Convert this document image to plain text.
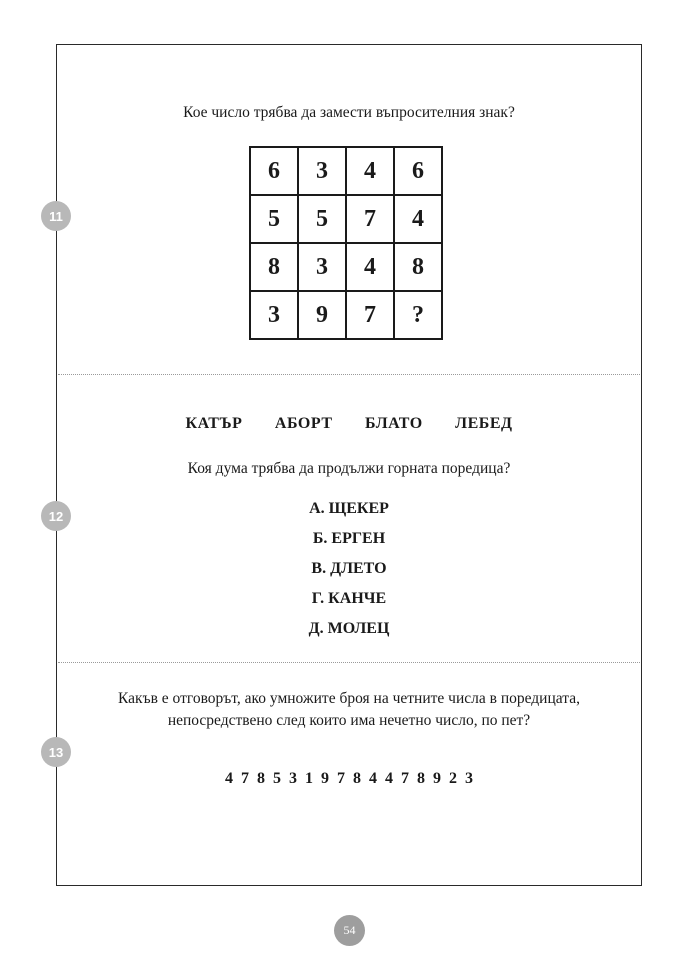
11
Кое число трябва да замести въпросителния знак?
6	3	4	6
5	5	7	4
8	3	4	8
3	9	7	?
12
КАТЪР АБОРТ БЛАТО ЛЕБЕД
Коя дума трябва да продължи горната поредица?
А. ЩЕКЕР
Б. ЕРГЕН
В. ДЛЕТО
Г. КАНЧЕ
Д. МОЛЕЦ
13
Какъв е отговорът, ако умножите броя на четните числа в поредицата,
непосредствено след които има нечетно число, по пет?
4 7 8 5 3 1 9 7 8 4 4 7 8 9 2 3
54
